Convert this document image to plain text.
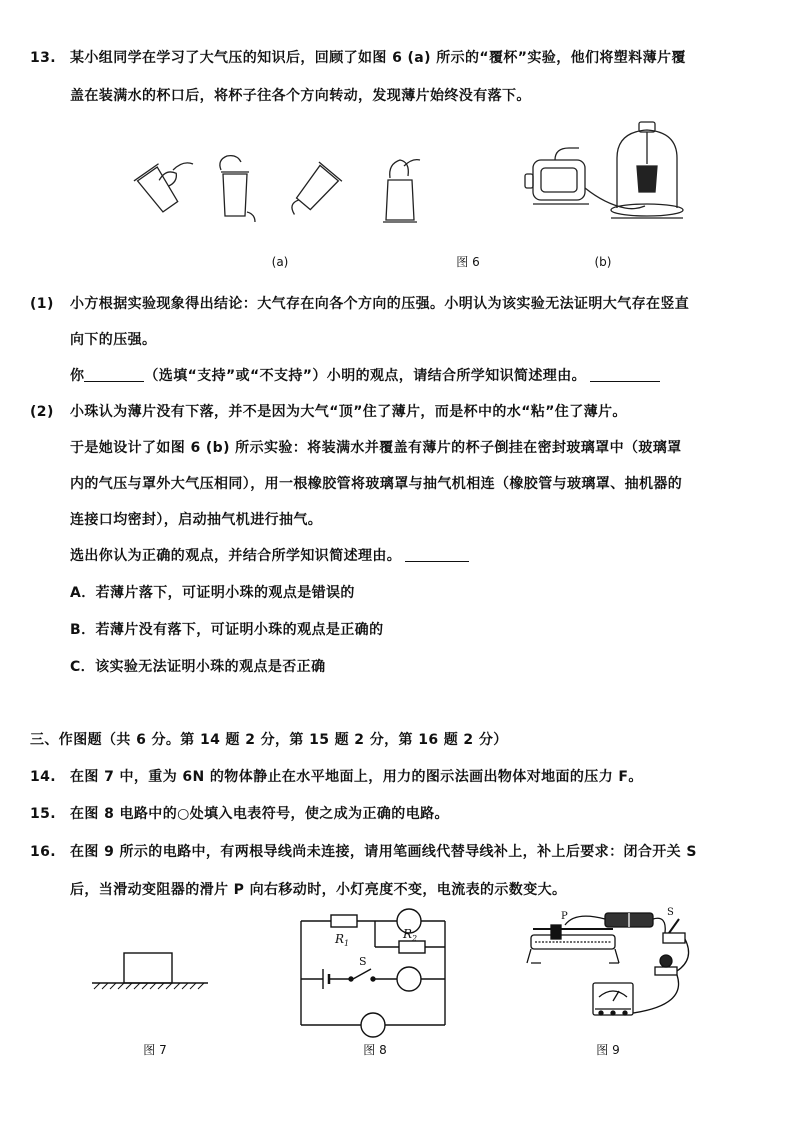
13. 某小组同学在学习了大气压的知识后，回顾了如图 6 (a) 所示的“覆杯”实验，他们将塑料薄片覆
盖在装满水的杯口后，将杯子往各个方向转动，发现薄片始终没有落下。
(a)	图 6	(b)
(1) 小方根据实验现象得出结论：大气存在向各个方向的压强。小明认为该实验无法证明大气存在竖直
向下的压强。
你	（选填“支持”或“不支持”）小明的观点，请结合所学知识简述理由。
(2) 小珠认为薄片没有下落，并不是因为大气“顶”住了薄片，而是杯中的水“粘”住了薄片。
于是她设计了如图 6 (b) 所示实验：将装满水并覆盖有薄片的杯子倒挂在密封玻璃罩中（玻璃罩
内的气压与罩外大气压相同），用一根橡胶管将玻璃罩与抽气机相连（橡胶管与玻璃罩、抽机器的
连接口均密封），启动抽气机进行抽气。
选出你认为正确的观点，并结合所学知识简述理由。
A．若薄片落下，可证明小珠的观点是错误的
B．若薄片没有落下，可证明小珠的观点是正确的
C．该实验无法证明小珠的观点是否正确
三、作图题（共 6 分。第 14 题 2 分，第 15 题 2 分，第 16 题 2 分）
14. 在图 7 中，重为 6N 的物体静止在水平地面上，用力的图示法画出物体对地面的压力 F。
15. 在图 8 电路中的○处填入电表符号，使之成为正确的电路。
16. 在图 9 所示的电路中，有两根导线尚未连接，请用笔画线代替导线补上，补上后要求：闭合开关 S
后，当滑动变阻器的滑片 P 向右移动时，小灯亮度不变，电流表的示数变大。
$R_1$
$R_2$
S
P	S
图 7	图 8	图 9
